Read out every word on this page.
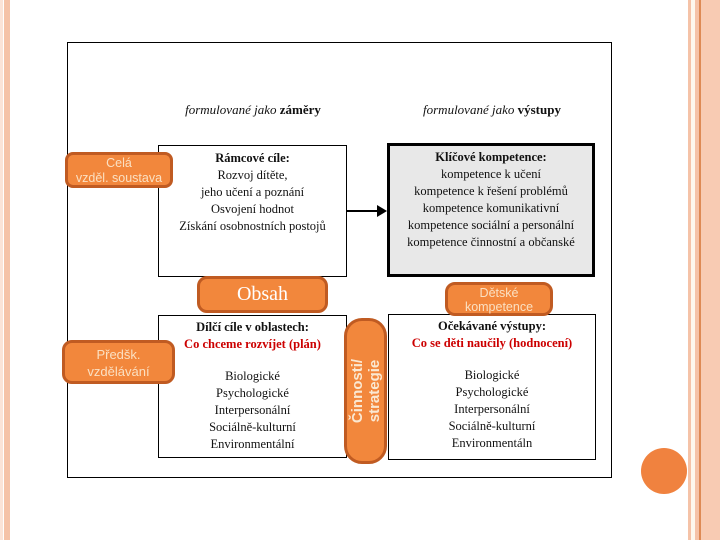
formulované jako záměry	formulované jako výstupy
Rámcové cíle:
Rozvoj dítěte,
jeho učení a poznání
Osvojení hodnot
Získání osobnostních postojů
Klíčové kompetence:
kompetence k učení
kompetence k řešení problémů
kompetence komunikativní
kompetence sociální a personální
kompetence činnostní a občanské
Dílčí cíle v oblastech:
Co chceme rozvíjet (plán)
Biologické
Psychologické
Interpersonální
Sociálně-kulturní
Environmentální
Očekávané výstupy:
Co se děti naučily (hodnocení)
Biologické
Psychologické
Interpersonální
Sociálně-kulturní
Environmentáln
Obsah	Dětské
kompetence
Činnosti/ strategie
Celá
vzděl. soustava
Předšk.
vzdělávání
